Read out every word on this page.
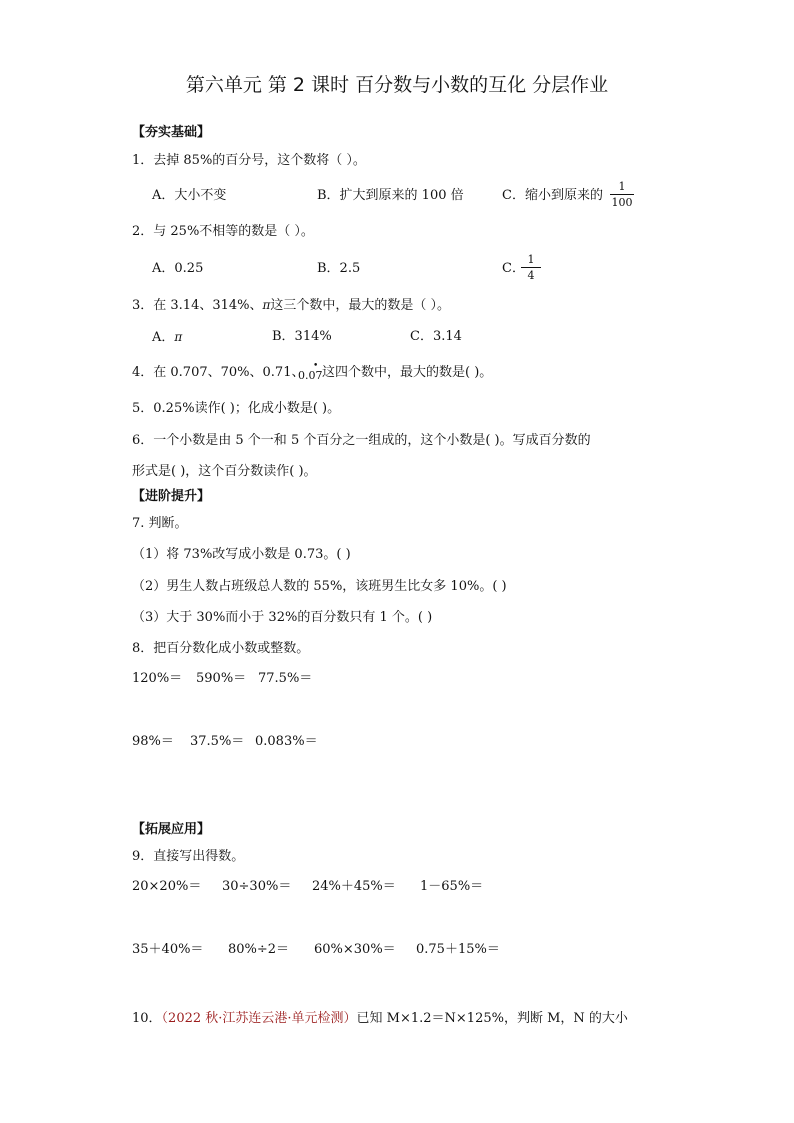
第六单元 第 2 课时 百分数与小数的互化 分层作业
【夯实基础】
1．去掉 85%的百分号，这个数将（ ）。
A．大小不变	B．扩大到原来的 100 倍	C．缩小到原来的
1
100
2．与 25%不相等的数是（ ）。
A．0.25	B．2.5	C．
1
4
3．在 3.14、314%、π这三个数中，最大的数是（ ）。
A．π	B．314%	C．3.14
4．在 0.707、70%、0.71、
0.07
• 这四个数中，最大的数是( )。
5．0.25%读作( )；化成小数是( )。
6．一个小数是由 5 个一和 5 个百分之一组成的，这个小数是( )。写成百分数的
形式是( )，这个百分数读作( )。
【进阶提升】
7. 判断。
（1）将 73%改写成小数是 0.73。( )
（2）男生人数占班级总人数的 55%，该班男生比女多 10%。( )
（3）大于 30%而小于 32%的百分数只有 1 个。( )
8．把百分数化成小数或整数。
120%＝ 590%＝ 77.5%＝
98%＝ 37.5%＝ 0.083%＝
【拓展应用】
9．直接写出得数。
20×20%＝ 30÷30%＝ 24%＋45%＝ 1－65%＝
35＋40%＝ 80%÷2＝ 60%×30%＝ 0.75＋15%＝
10．（2022 秋·江苏连云港·单元检测）已知 M×1.2＝N×125%，判断 M，N 的大小
